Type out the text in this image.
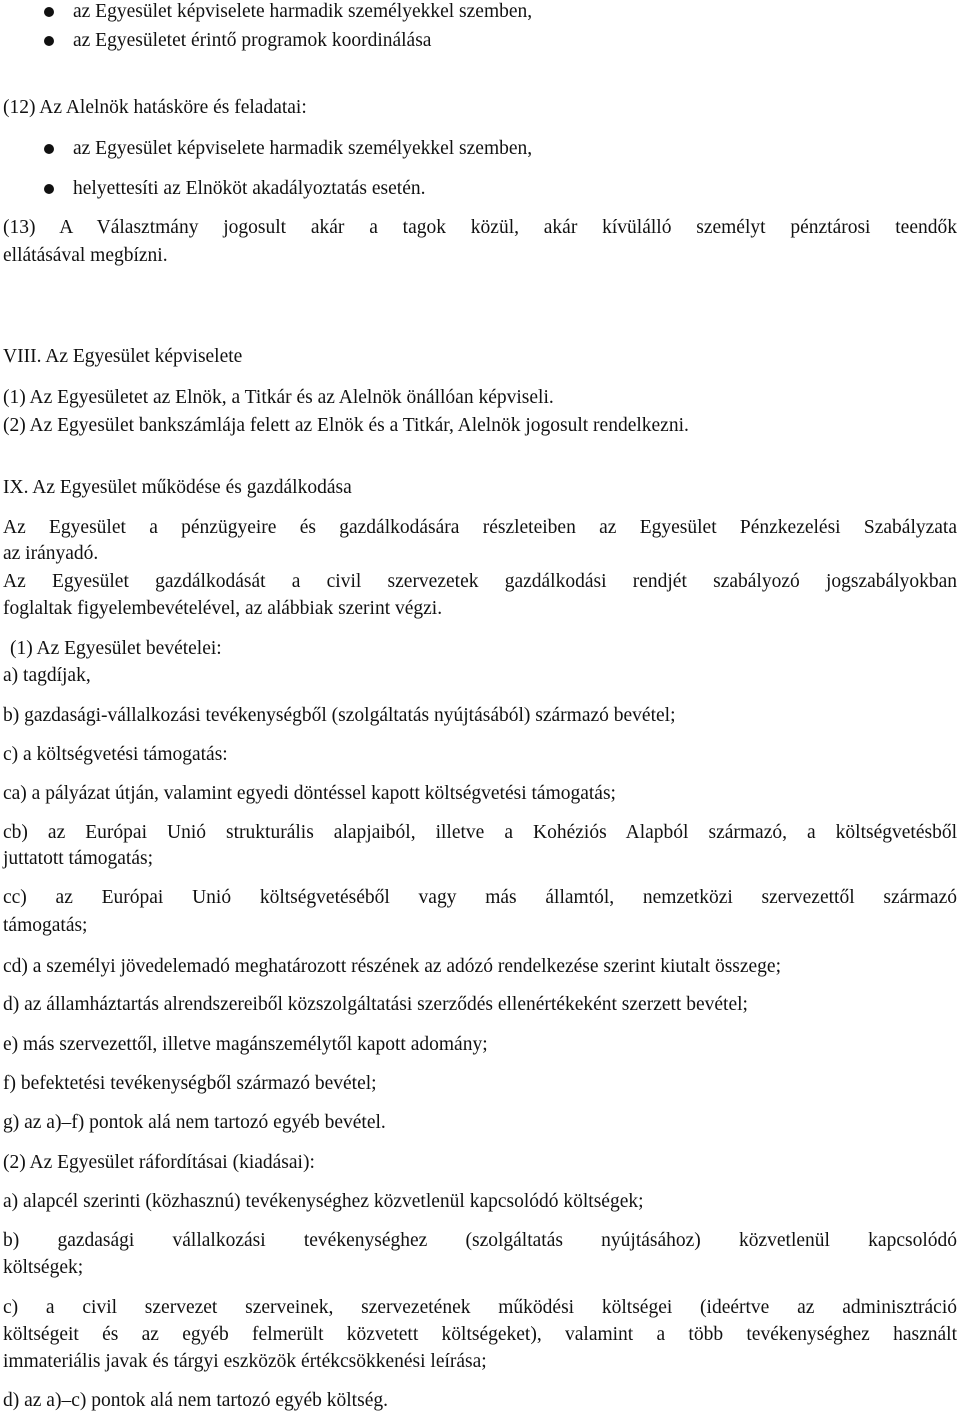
az Egyesület képviselete harmadik személyekkel szemben,
az Egyesületet érintő programok koordinálása
(12) Az Alelnök hatásköre és feladatai:
az Egyesület képviselete harmadik személyekkel szemben,
helyettesíti az Elnököt akadályoztatás esetén.
(13) A Választmány jogosult akár a tagok közül, akár kívülálló személyt pénztárosi teendők
ellátásával megbízni.
VIII. Az Egyesület képviselete
(1) Az Egyesületet az Elnök, a Titkár és az Alelnök önállóan képviseli.
(2) Az Egyesület bankszámlája felett az Elnök és a Titkár, Alelnök jogosult rendelkezni.
IX. Az Egyesület működése és gazdálkodása
Az Egyesület a pénzügyeire és gazdálkodására részleteiben az Egyesület Pénzkezelési Szabályzata
az irányadó.
Az Egyesület gazdálkodását a civil szervezetek gazdálkodási rendjét szabályozó jogszabályokban
foglaltak figyelembevételével, az alábbiak szerint végzi.
(1) Az Egyesület bevételei:
a) tagdíjak,
b) gazdasági-vállalkozási tevékenységből (szolgáltatás nyújtásából) származó bevétel;
c) a költségvetési támogatás:
ca) a pályázat útján, valamint egyedi döntéssel kapott költségvetési támogatás;
cb) az Európai Unió strukturális alapjaiból, illetve a Kohéziós Alapból származó, a költségvetésből
juttatott támogatás;
cc) az Európai Unió költségvetéséből vagy más államtól, nemzetközi szervezettől származó
támogatás;
cd) a személyi jövedelemadó meghatározott részének az adózó rendelkezése szerint kiutalt összege;
d) az államháztartás alrendszereiből közszolgáltatási szerződés ellenértékeként szerzett bevétel;
e) más szervezettől, illetve magánszemélytől kapott adomány;
f) befektetési tevékenységből származó bevétel;
g) az a)–f) pontok alá nem tartozó egyéb bevétel.
(2) Az Egyesület ráfordításai (kiadásai):
a) alapcél szerinti (közhasznú) tevékenységhez közvetlenül kapcsolódó költségek;
b) gazdasági vállalkozási tevékenységhez (szolgáltatás nyújtásához) közvetlenül kapcsolódó
költségek;
c) a civil szervezet szerveinek, szervezetének működési költségei (ideértve az adminisztráció
költségeit és az egyéb felmerült közvetett költségeket), valamint a több tevékenységhez használt
immateriális javak és tárgyi eszközök értékcsökkenési leírása;
d) az a)–c) pontok alá nem tartozó egyéb költség.
